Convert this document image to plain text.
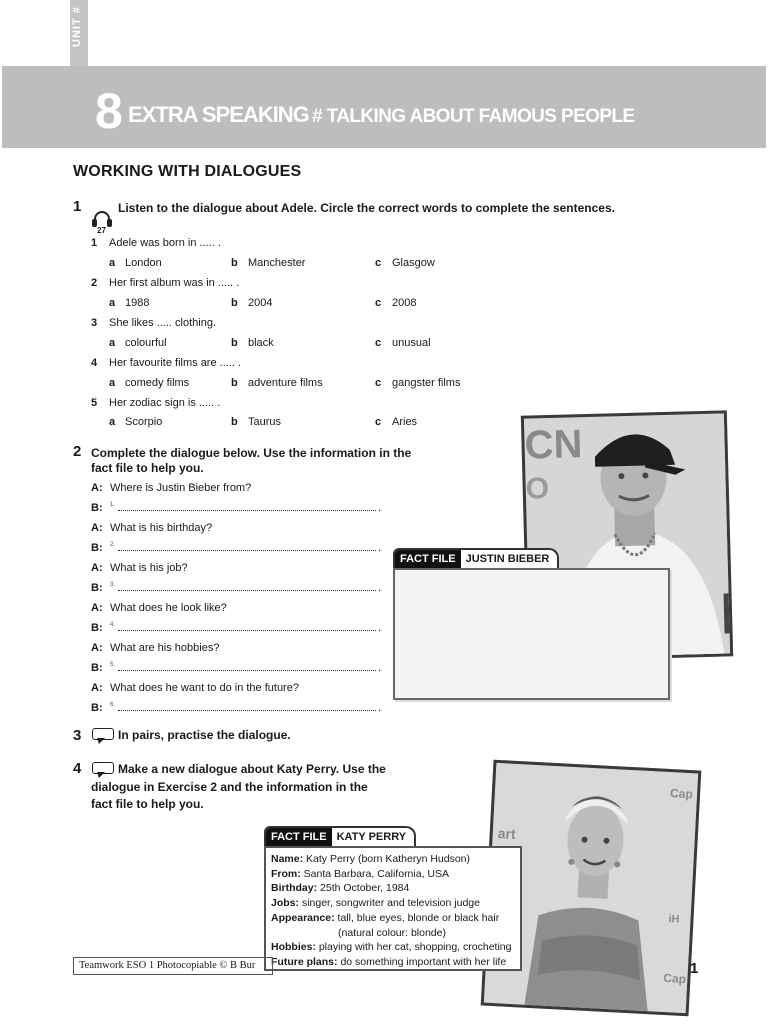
UNIT #
8 EXTRA SPEAKING # TALKING ABOUT FAMOUS PEOPLE
WORKING WITH DIALOGUES
1
27
Listen to the dialogue about Adele. Circle the correct words to complete the sentences.
1 Adele was born in ..... .
a London	b Manchester	c Glasgow
2 Her first album was in ..... .
a 1988	b 2004	c 2008
3 She likes ..... clothing.
a colourful	b black	c unusual
4 Her favourite films are ..... .
a comedy films	b adventure films	c gangster films
5 Her zodiac sign is ..... .
a Scorpio	b Taurus	c Aries
2 Complete the dialogue below. Use the information in the
fact file to help you.
A: Where is Justin Bieber from?
B: 1.	.
A: What is his birthday?
B: 2.	.
A: What is his job?
B: 3.	.
A: What does he look like?
B: 4.	.
A: What are his hobbies?
B: 5.	.
A: What does he want to do in the future?
B: 6.	.
3	In pairs, practise the dialogue.
4	Make a new dialogue about Katy Perry. Use the
dialogue in Exercise 2 and the information in the
fact file to help you.
CN
O
FACT FILE JUSTIN BIEBER
Cap
iH
Cap
art
FACT FILE KATY PERRY
Name: Katy Perry (born Katheryn Hudson)
From: Santa Barbara, California, USA
Birthday: 25th October, 1984
Jobs: singer, songwriter and television judge
Appearance: tall, blue eyes, blonde or black hair
(natural colour: blonde)
Hobbies: playing with her cat, shopping, crocheting
Future plans: do something important with her life
Teamwork ESO 1 Photocopiable © B Bur	1
